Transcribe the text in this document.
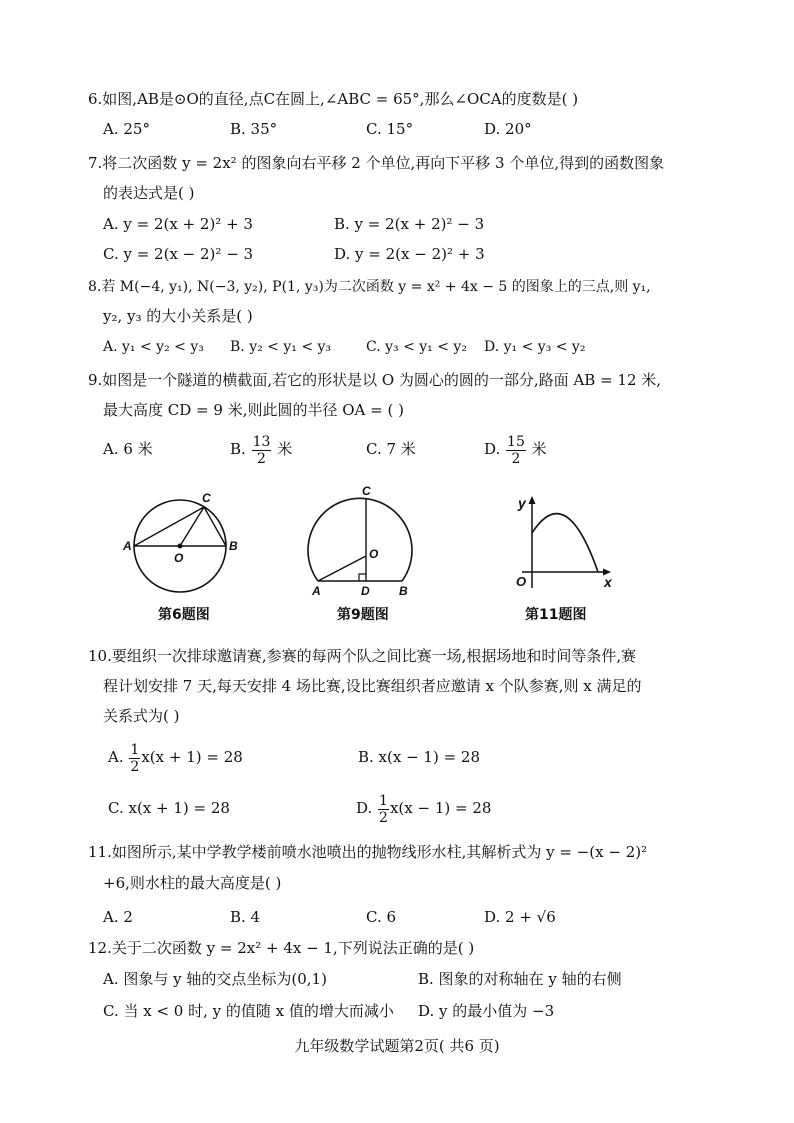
6.如图,AB是⊙O的直径,点C在圆上,∠ABC = 65°,那么∠OCA的度数是( )
A. 25°	B. 35°	C. 15°	D. 20°
7.将二次函数 y = 2x² 的图象向右平移 2 个单位,再向下平移 3 个单位,得到的函数图象
的表达式是( )
A. y = 2(x + 2)² + 3	B. y = 2(x + 2)² − 3
C. y = 2(x − 2)² − 3	D. y = 2(x − 2)² + 3
8.若 M(−4, y₁), N(−3, y₂), P(1, y₃)为二次函数 y = x² + 4x − 5 的图象上的三点,则 y₁,
y₂, y₃ 的大小关系是( )
A. y₁ < y₂ < y₃ B. y₂ < y₁ < y₃ C. y₃ < y₁ < y₂ D. y₁ < y₃ < y₂
9.如图是一个隧道的横截面,若它的形状是以 O 为圆心的圆的一部分,路面 AB = 12 米,
最大高度 CD = 9 米,则此圆的半径 OA = ( )
A. 6 米	B. $\frac{13}{2}$ 米	C. 7 米	D. $\frac{15}{2}$ 米
A	B
C
O
第6题图
C
O
A	D B
第9题图
y
x
O
第11题图
10.要组织一次排球邀请赛,参赛的每两个队之间比赛一场,根据场地和时间等条件,赛
程计划安排 7 天,每天安排 4 场比赛,设比赛组织者应邀请 x 个队参赛,则 x 满足的
关系式为( )
A. $\frac{1}{2} x(x + 1) = 28$	B. x(x − 1) = 28
C. x(x + 1) = 28	D. $\frac{1}{2} x(x - 1) = 28$
11.如图所示,某中学教学楼前喷水池喷出的抛物线形水柱,其解析式为 y = −(x − 2)²
+6,则水柱的最大高度是( )
A. 2	B. 4	C. 6	D. 2 + √6
12.关于二次函数 y = 2x² + 4x − 1,下列说法正确的是( )
A. 图象与 y 轴的交点坐标为(0,1)	B. 图象的对称轴在 y 轴的右侧
C. 当 x < 0 时, y 的值随 x 值的增大而减小 D. y 的最小值为 −3
九年级数学试题第2页( 共6 页)
